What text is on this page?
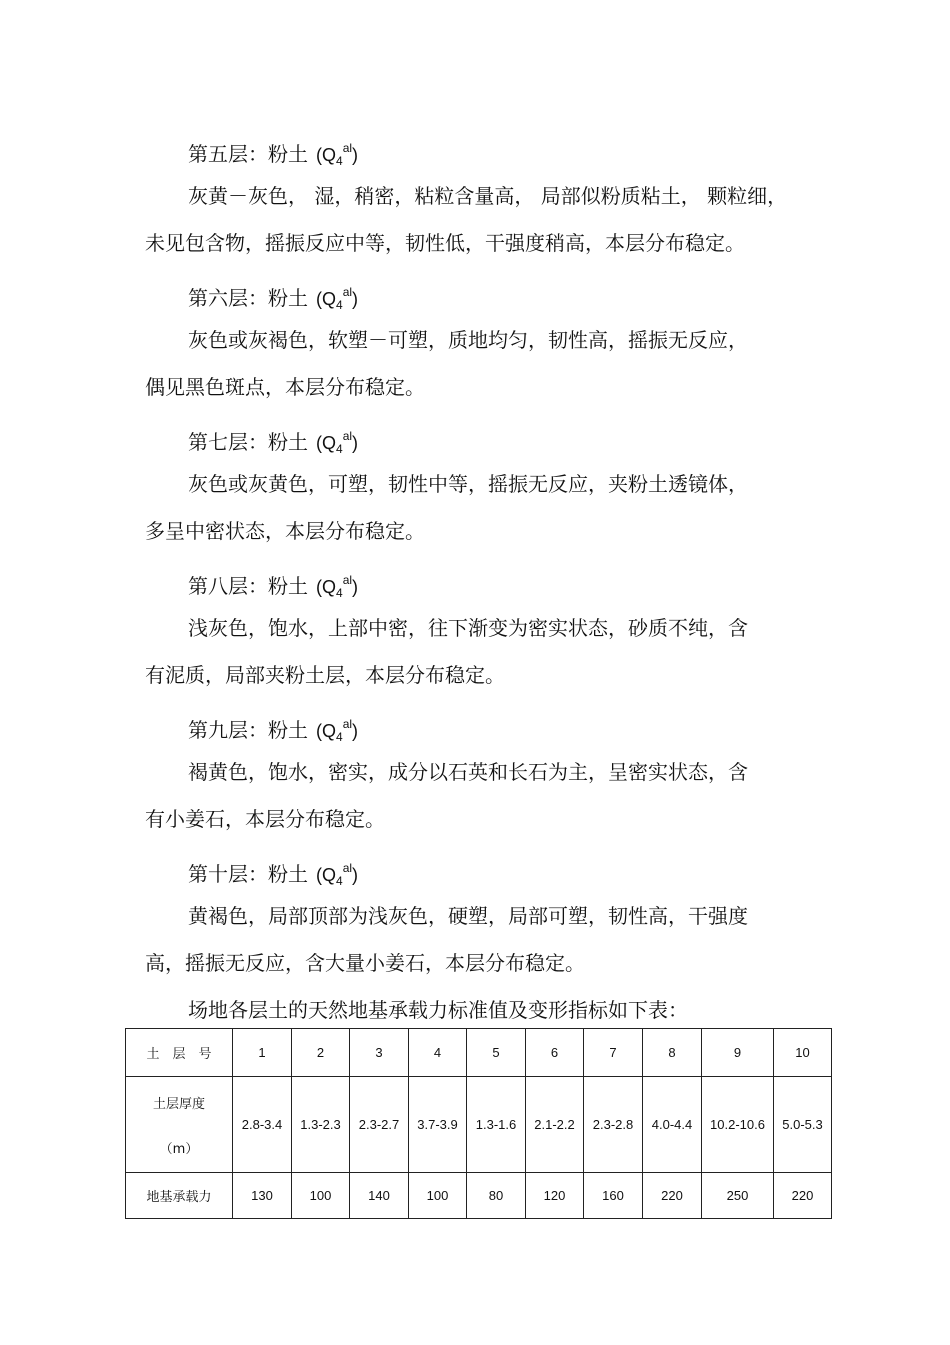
第五层：粉土 $(Q_4^{al})$
灰黄－灰色， 湿，稍密，粘粒含量高， 局部似粉质粘土， 颗粒细，
未见包含物，摇振反应中等，韧性低，干强度稍高，本层分布稳定。
第六层：粉土 $(Q_4^{al})$
灰色或灰褐色，软塑－可塑，质地均匀，韧性高，摇振无反应，
偶见黑色斑点，本层分布稳定。
第七层：粉土 $(Q_4^{al})$
灰色或灰黄色，可塑，韧性中等，摇振无反应，夹粉土透镜体，
多呈中密状态，本层分布稳定。
第八层：粉土 $(Q_4^{al})$
浅灰色，饱水，上部中密，往下渐变为密实状态，砂质不纯，含
有泥质，局部夹粉土层，本层分布稳定。
第九层：粉土 $(Q_4^{al})$
褐黄色，饱水，密实，成分以石英和长石为主，呈密实状态，含
有小姜石，本层分布稳定。
第十层：粉土 $(Q_4^{al})$
黄褐色，局部顶部为浅灰色，硬塑，局部可塑，韧性高，干强度
高，摇振无反应，含大量小姜石，本层分布稳定。
场地各层土的天然地基承载力标准值及变形指标如下表：
土　层　号	1	2	3	4	5	6	7	8	9	10

土层厚度
（m）	2.8-3.4	1.3-2.3	2.3-2.7	3.7-3.9	1.3-1.6	2.1-2.2	2.3-2.8	4.0-4.4	10.2-10.6	5.0-5.3
地基承载力	130	100	140	100	80	120	160	220	250	220
